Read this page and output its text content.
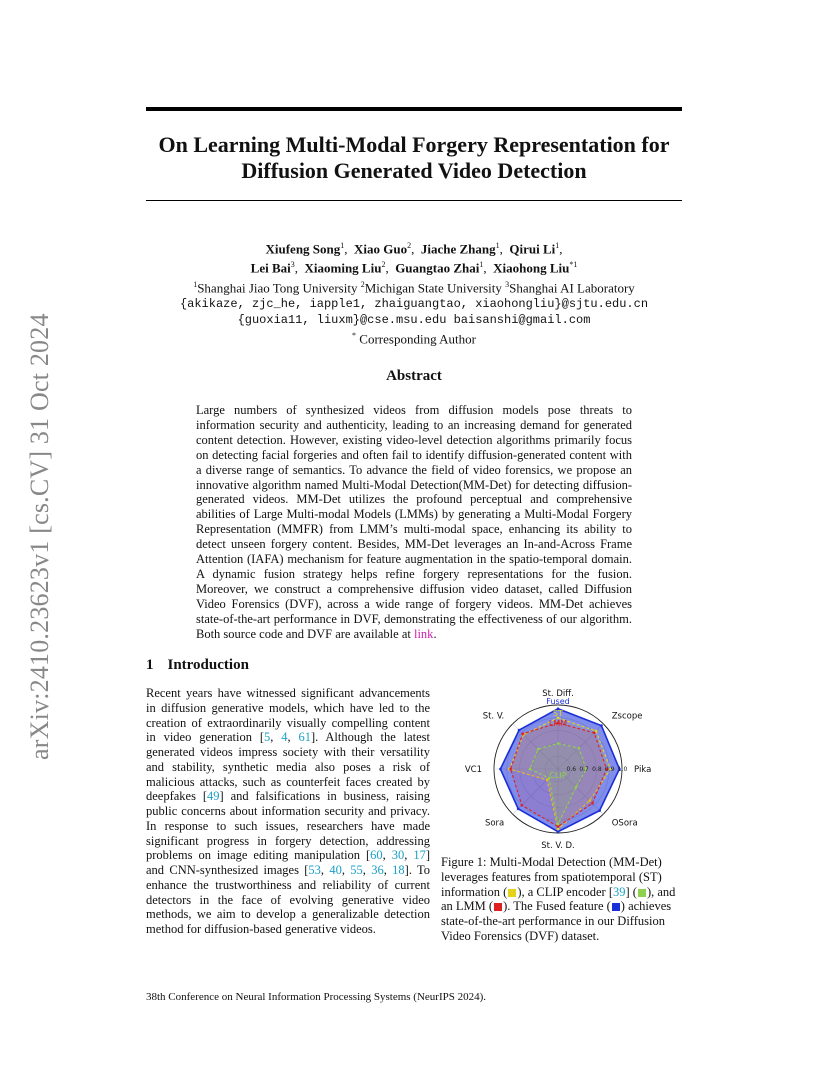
arXiv:2410.23623v1 [cs.CV] 31 Oct 2024
On Learning Multi-Modal Forgery Representation for
Diffusion Generated Video Detection
Xiufeng Song$^1$,  Xiao Guo$^2$,  Jiache Zhang$^1$,  Qirui Li$^1$,
Lei Bai$^3$,  Xiaoming Liu$^2$,  Guangtao Zhai$^1$,  Xiaohong Liu$^{*1}$
$^1$Shanghai Jiao Tong University $^2$Michigan State University $^3$Shanghai AI Laboratory
{akikaze, zjc_he, iapple1, zhaiguangtao, xiaohongliu}@sjtu.edu.cn
{guoxia11, liuxm}@cse.msu.edu baisanshi@gmail.com
* Corresponding Author
Abstract
Large numbers of synthesized videos from diffusion models pose threats to information security and authenticity, leading to an increasing demand for generated content detection. However, existing video-level detection algorithms primarily focus on detecting facial forgeries and often fail to identify diffusion-generated content with a diverse range of semantics. To advance the field of video forensics, we propose an innovative algorithm named Multi-Modal Detection(MM-Det) for detecting diffusion-generated videos. MM-Det utilizes the profound perceptual and comprehensive abilities of Large Multi-modal Models (LMMs) by generating a Multi-Modal Forgery Representation (MMFR) from LMM’s multi-modal space, enhancing its ability to detect unseen forgery content. Besides, MM-Det leverages an In-and-Across Frame Attention (IAFA) mechanism for feature augmentation in the spatio-temporal domain. A dynamic fusion strategy helps refine forgery representations for the fusion. Moreover, we construct a comprehensive diffusion video dataset, called Diffusion Video Forensics (DVF), across a wide range of forgery videos. MM-Det achieves state-of-the-art performance in DVF, demonstrating the effectiveness of our algorithm. Both source code and DVF are available at link.
1 Introduction
Recent years have witnessed significant advancements in diffusion generative models, which have led to the creation of extraordinarily visually compelling content in video generation [5, 4, 61]. Although the latest generated videos impress society with their versatility and stability, synthetic media also poses a risk of malicious attacks, such as counterfeit faces created by deepfakes [49] and falsifications in business, raising public concerns about information security and privacy. In response to such issues, researchers have made significant progress in forgery detection, addressing problems on image editing manipulation [60, 30, 17] and CNN-synthesized images [53, 40, 55, 36, 18]. To enhance the trustworthiness and reliability of current detectors in the face of evolving generative video methods, we aim to develop a generalizable detection method for diffusion-based generative videos.
0.6 0.7 0.8 0.9 1.0
St. Diff.
Zscope
Pika
OSora
St. V. D.
Sora
VC1
St. V.
Fused
ST
LMM
CLIP
Figure 1: Multi-Modal Detection (MM-Det) leverages features from spatiotemporal (ST) information ( ), a CLIP encoder [39] ( ), and an LMM ( ). The Fused feature ( ) achieves state-of-the-art performance in our Diffusion Video Forensics (DVF) dataset.
38th Conference on Neural Information Processing Systems (NeurIPS 2024).
